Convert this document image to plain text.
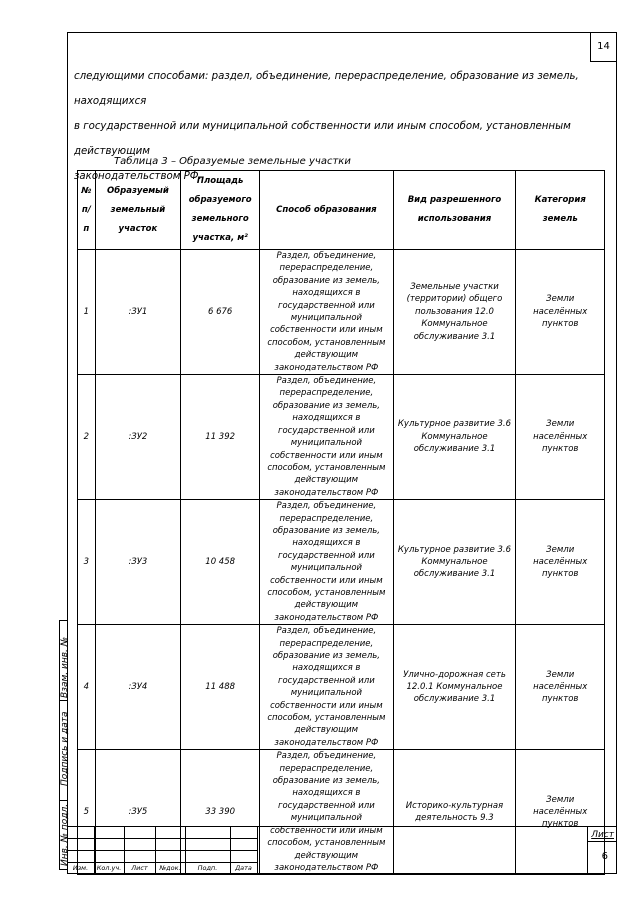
14

следующими способами: раздел, объединение, перераспределение, образование из земель, находящихся

в государственной или муниципальной собственности или иным способом, установленным действующим

законодательством РФ.

Таблица 3 – Образуемые земельные участки
№ п/п	Образуемый земельный участок	Площадь образуемого земельного участка, м²	Способ образования	Вид разрешенного использования	Категория земель
1	:ЗУ1	6 676	Раздел, объединение, перераспределение, образование из земель, находящихся в государственной или муниципальной собственности или иным способом, установленным действующим законодательством РФ	Земельные участки (территории) общего пользования 12.0 Коммунальное обслуживание 3.1	Земли населённых пунктов
2	:ЗУ2	11 392	Раздел, объединение, перераспределение, образование из земель, находящихся в государственной или муниципальной собственности или иным способом, установленным действующим законодательством РФ	Культурное развитие 3.6 Коммунальное обслуживание 3.1	Земли населённых пунктов
3	:ЗУ3	10 458	Раздел, объединение, перераспределение, образование из земель, находящихся в государственной или муниципальной собственности или иным способом, установленным действующим законодательством РФ	Культурное развитие 3.6 Коммунальное обслуживание 3.1	Земли населённых пунктов
4	:ЗУ4	11 488	Раздел, объединение, перераспределение, образование из земель, находящихся в государственной или муниципальной собственности или иным способом, установленным действующим законодательством РФ	Улично-дорожная сеть 12.0.1 Коммунальное обслуживание 3.1	Земли населённых пунктов
5	:ЗУ5	33 390	Раздел, объединение, перераспределение, образование из земель, находящихся в государственной или муниципальной собственности или иным способом, установленным действующим законодательством РФ	Историко-культурная деятельность 9.3	Земли населённых пунктов
Взам. инв. №
Подпись и дата
Инв. № подл.
Изм.	Кол.уч.	Лист	№док.	Подп.	Дата
Лист
6
